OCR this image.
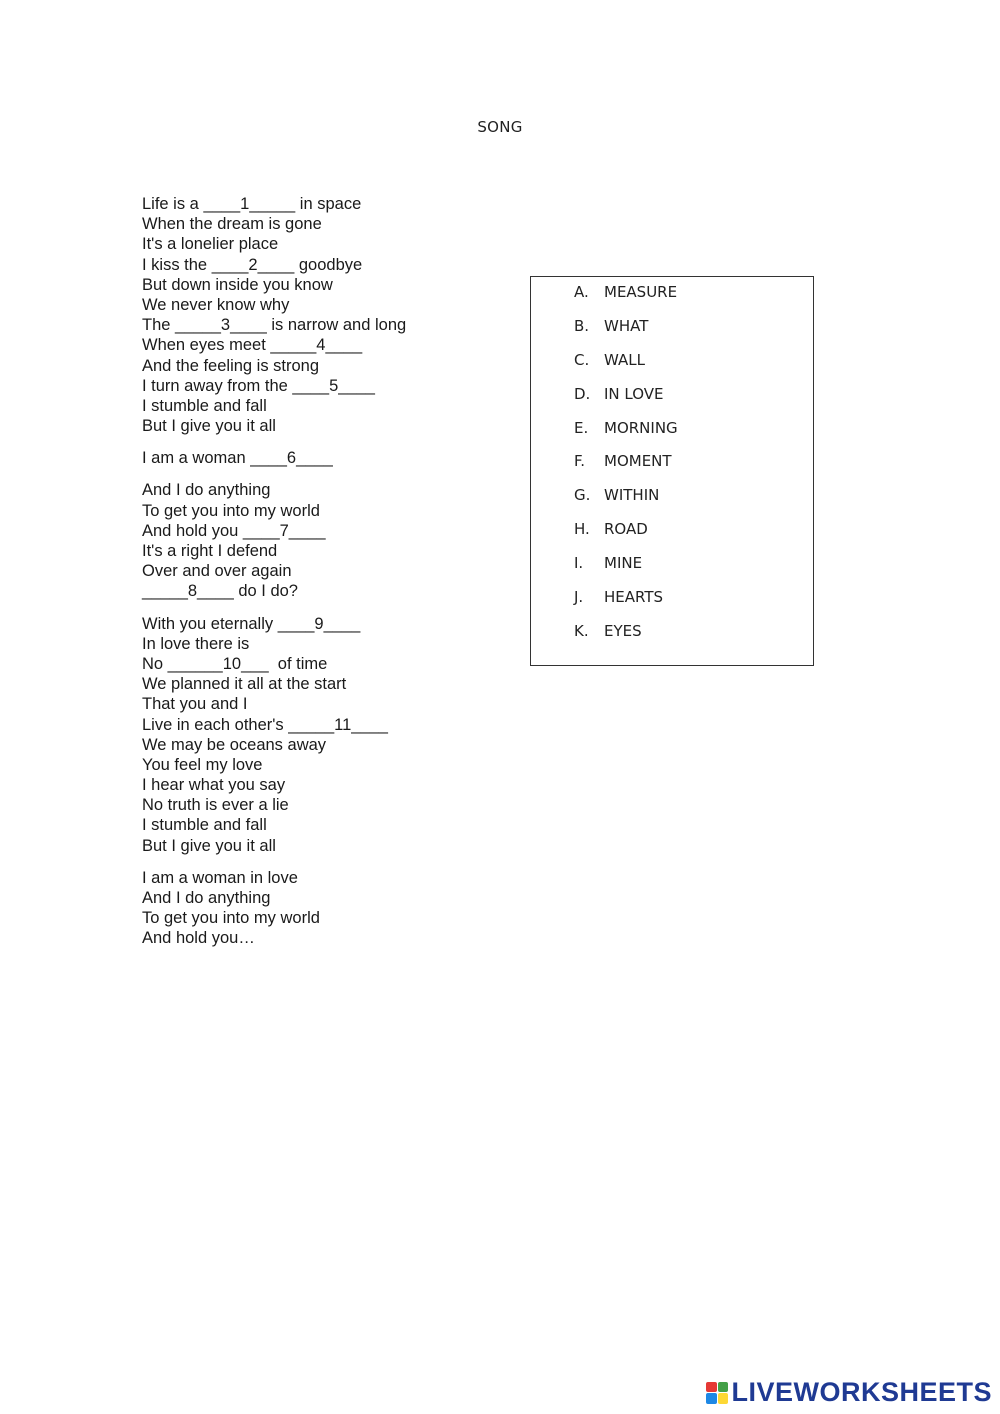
SONG
Life is a ____1_____ in space
When the dream is gone
It's a lonelier place
I kiss the ____2____ goodbye
But down inside you know
We never know why
The _____3____ is narrow and long
When eyes meet _____4____
And the feeling is strong
I turn away from the ____5____
I stumble and fall
But I give you it all
I am a woman ____6____
And I do anything
To get you into my world
And hold you ____7____
It's a right I defend
Over and over again
_____8____ do I do?
With you eternally ____9____
In love there is
No ______10___  of time
We planned it all at the start
That you and I
Live in each other's _____11____
We may be oceans away
You feel my love
I hear what you say
No truth is ever a lie
I stumble and fall
But I give you it all
I am a woman in love
And I do anything
To get you into my world
And hold you…
A.	MEASURE
B. WHAT
C. WALL
D. IN LOVE
E.	MORNING
F.	MOMENT
G. WITHIN
H. ROAD
I.	MINE
J.	HEARTS
K.	EYES
LIVEWORKSHEETS
